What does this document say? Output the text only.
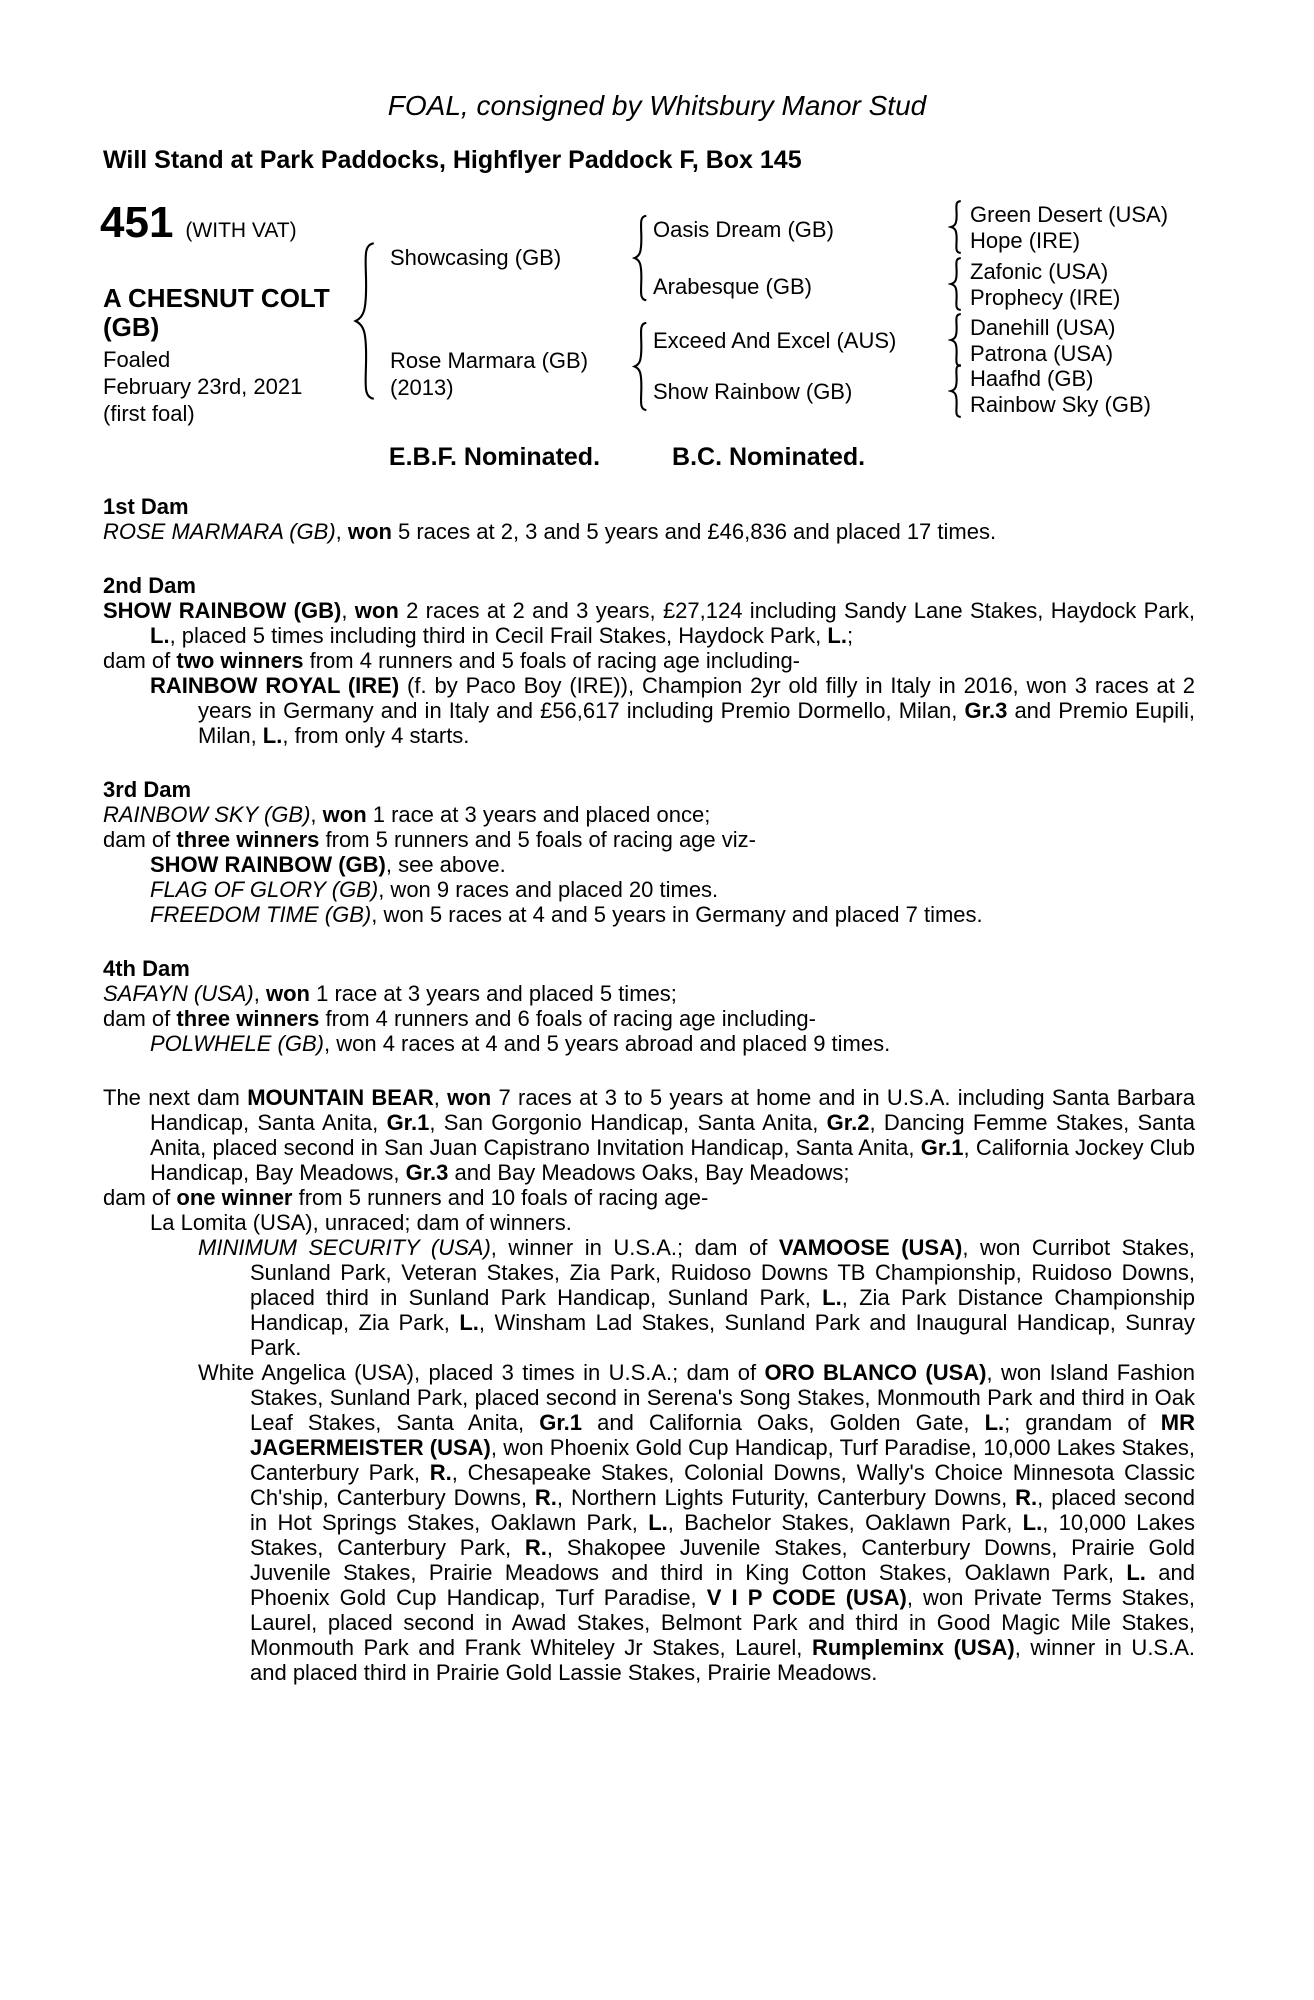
FOAL, consigned by Whitsbury Manor Stud
Will Stand at Park Paddocks, Highflyer Paddock F, Box 145
451 (WITH VAT)
A CHESNUT COLT (GB)
Foaled
February 23rd, 2021
(first foal)
Showcasing (GB)
Rose Marmara (GB)
(2013)
Oasis Dream (GB)
Arabesque (GB)
Exceed And Excel (AUS)
Show Rainbow (GB)
Green Desert (USA)
Hope (IRE)
Zafonic (USA)
Prophecy (IRE)
Danehill (USA)
Patrona (USA)
Haafhd (GB)
Rainbow Sky (GB)
E.B.F. Nominated.	B.C. Nominated.
1st Dam
ROSE MARMARA (GB), won 5 races at 2, 3 and 5 years and £46,836 and placed 17 times.
2nd Dam
SHOW RAINBOW (GB), won 2 races at 2 and 3 years, £27,124 including Sandy Lane Stakes, Haydock Park, L., placed 5 times including third in Cecil Frail Stakes, Haydock Park, L.;
dam of two winners from 4 runners and 5 foals of racing age including-
RAINBOW ROYAL (IRE) (f. by Paco Boy (IRE)), Champion 2yr old filly in Italy in 2016, won 3 races at 2 years in Germany and in Italy and £56,617 including Premio Dormello, Milan, Gr.3 and Premio Eupili, Milan, L., from only 4 starts.
3rd Dam
RAINBOW SKY (GB), won 1 race at 3 years and placed once;
dam of three winners from 5 runners and 5 foals of racing age viz-
SHOW RAINBOW (GB), see above.
FLAG OF GLORY (GB), won 9 races and placed 20 times.
FREEDOM TIME (GB), won 5 races at 4 and 5 years in Germany and placed 7 times.
4th Dam
SAFAYN (USA), won 1 race at 3 years and placed 5 times;
dam of three winners from 4 runners and 6 foals of racing age including-
POLWHELE (GB), won 4 races at 4 and 5 years abroad and placed 9 times.
The next dam MOUNTAIN BEAR, won 7 races at 3 to 5 years at home and in U.S.A. including Santa Barbara Handicap, Santa Anita, Gr.1, San Gorgonio Handicap, Santa Anita, Gr.2, Dancing Femme Stakes, Santa Anita, placed second in San Juan Capistrano Invitation Handicap, Santa Anita, Gr.1, California Jockey Club Handicap, Bay Meadows, Gr.3 and Bay Meadows Oaks, Bay Meadows;
dam of one winner from 5 runners and 10 foals of racing age-
La Lomita (USA), unraced; dam of winners.
MINIMUM SECURITY (USA), winner in U.S.A.; dam of VAMOOSE (USA), won Curribot Stakes, Sunland Park, Veteran Stakes, Zia Park, Ruidoso Downs TB Championship, Ruidoso Downs, placed third in Sunland Park Handicap, Sunland Park, L., Zia Park Distance Championship Handicap, Zia Park, L., Winsham Lad Stakes, Sunland Park and Inaugural Handicap, Sunray Park.
White Angelica (USA), placed 3 times in U.S.A.; dam of ORO BLANCO (USA), won Island Fashion Stakes, Sunland Park, placed second in Serena's Song Stakes, Monmouth Park and third in Oak Leaf Stakes, Santa Anita, Gr.1 and California Oaks, Golden Gate, L.; grandam of MR JAGERMEISTER (USA), won Phoenix Gold Cup Handicap, Turf Paradise, 10,000 Lakes Stakes, Canterbury Park, R., Chesapeake Stakes, Colonial Downs, Wally's Choice Minnesota Classic Ch'ship, Canterbury Downs, R., Northern Lights Futurity, Canterbury Downs, R., placed second in Hot Springs Stakes, Oaklawn Park, L., Bachelor Stakes, Oaklawn Park, L., 10,000 Lakes Stakes, Canterbury Park, R., Shakopee Juvenile Stakes, Canterbury Downs, Prairie Gold Juvenile Stakes, Prairie Meadows and third in King Cotton Stakes, Oaklawn Park, L. and Phoenix Gold Cup Handicap, Turf Paradise, V I P CODE (USA), won Private Terms Stakes, Laurel, placed second in Awad Stakes, Belmont Park and third in Good Magic Mile Stakes, Monmouth Park and Frank Whiteley Jr Stakes, Laurel, Rumpleminx (USA), winner in U.S.A. and placed third in Prairie Gold Lassie Stakes, Prairie Meadows.
